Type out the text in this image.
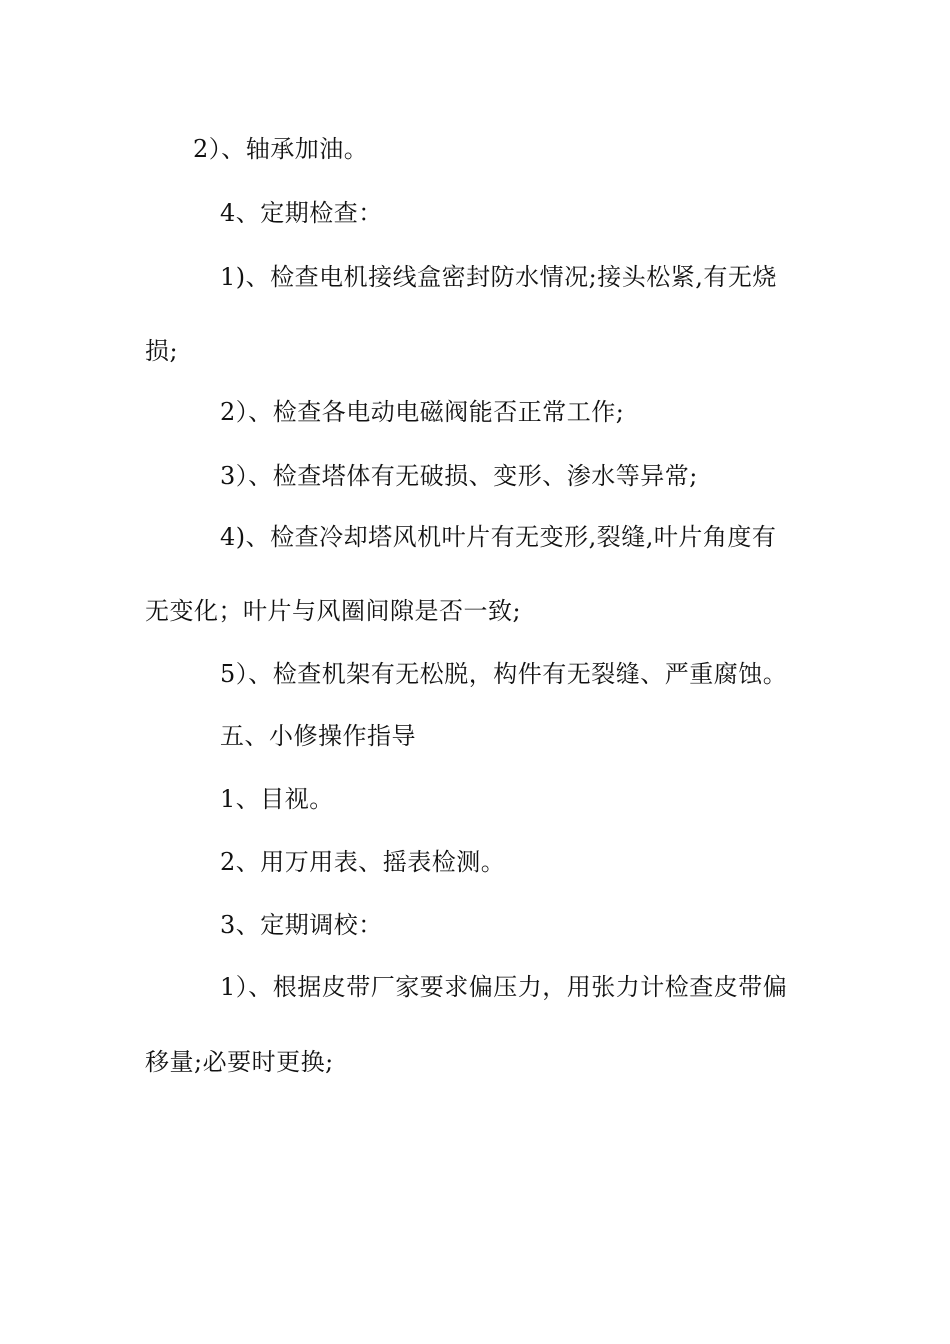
2）、轴承加油。
4、定期检查：
1)、检查电机接线盒密封防水情况;接头松紧,有无烧
损;
2）、检查各电动电磁阀能否正常工作;
3）、检查塔体有无破损、变形、渗水等异常;
4)、检查冷却塔风机叶片有无变形,裂缝,叶片角度有
无变化；叶片与风圈间隙是否一致;
5）、检查机架有无松脱，构件有无裂缝、严重腐蚀。
五、小修操作指导
1、目视。
2、用万用表、摇表检测。
3、定期调校：
1）、根据皮带厂家要求偏压力，用张力计检查皮带偏
移量;必要时更换;
